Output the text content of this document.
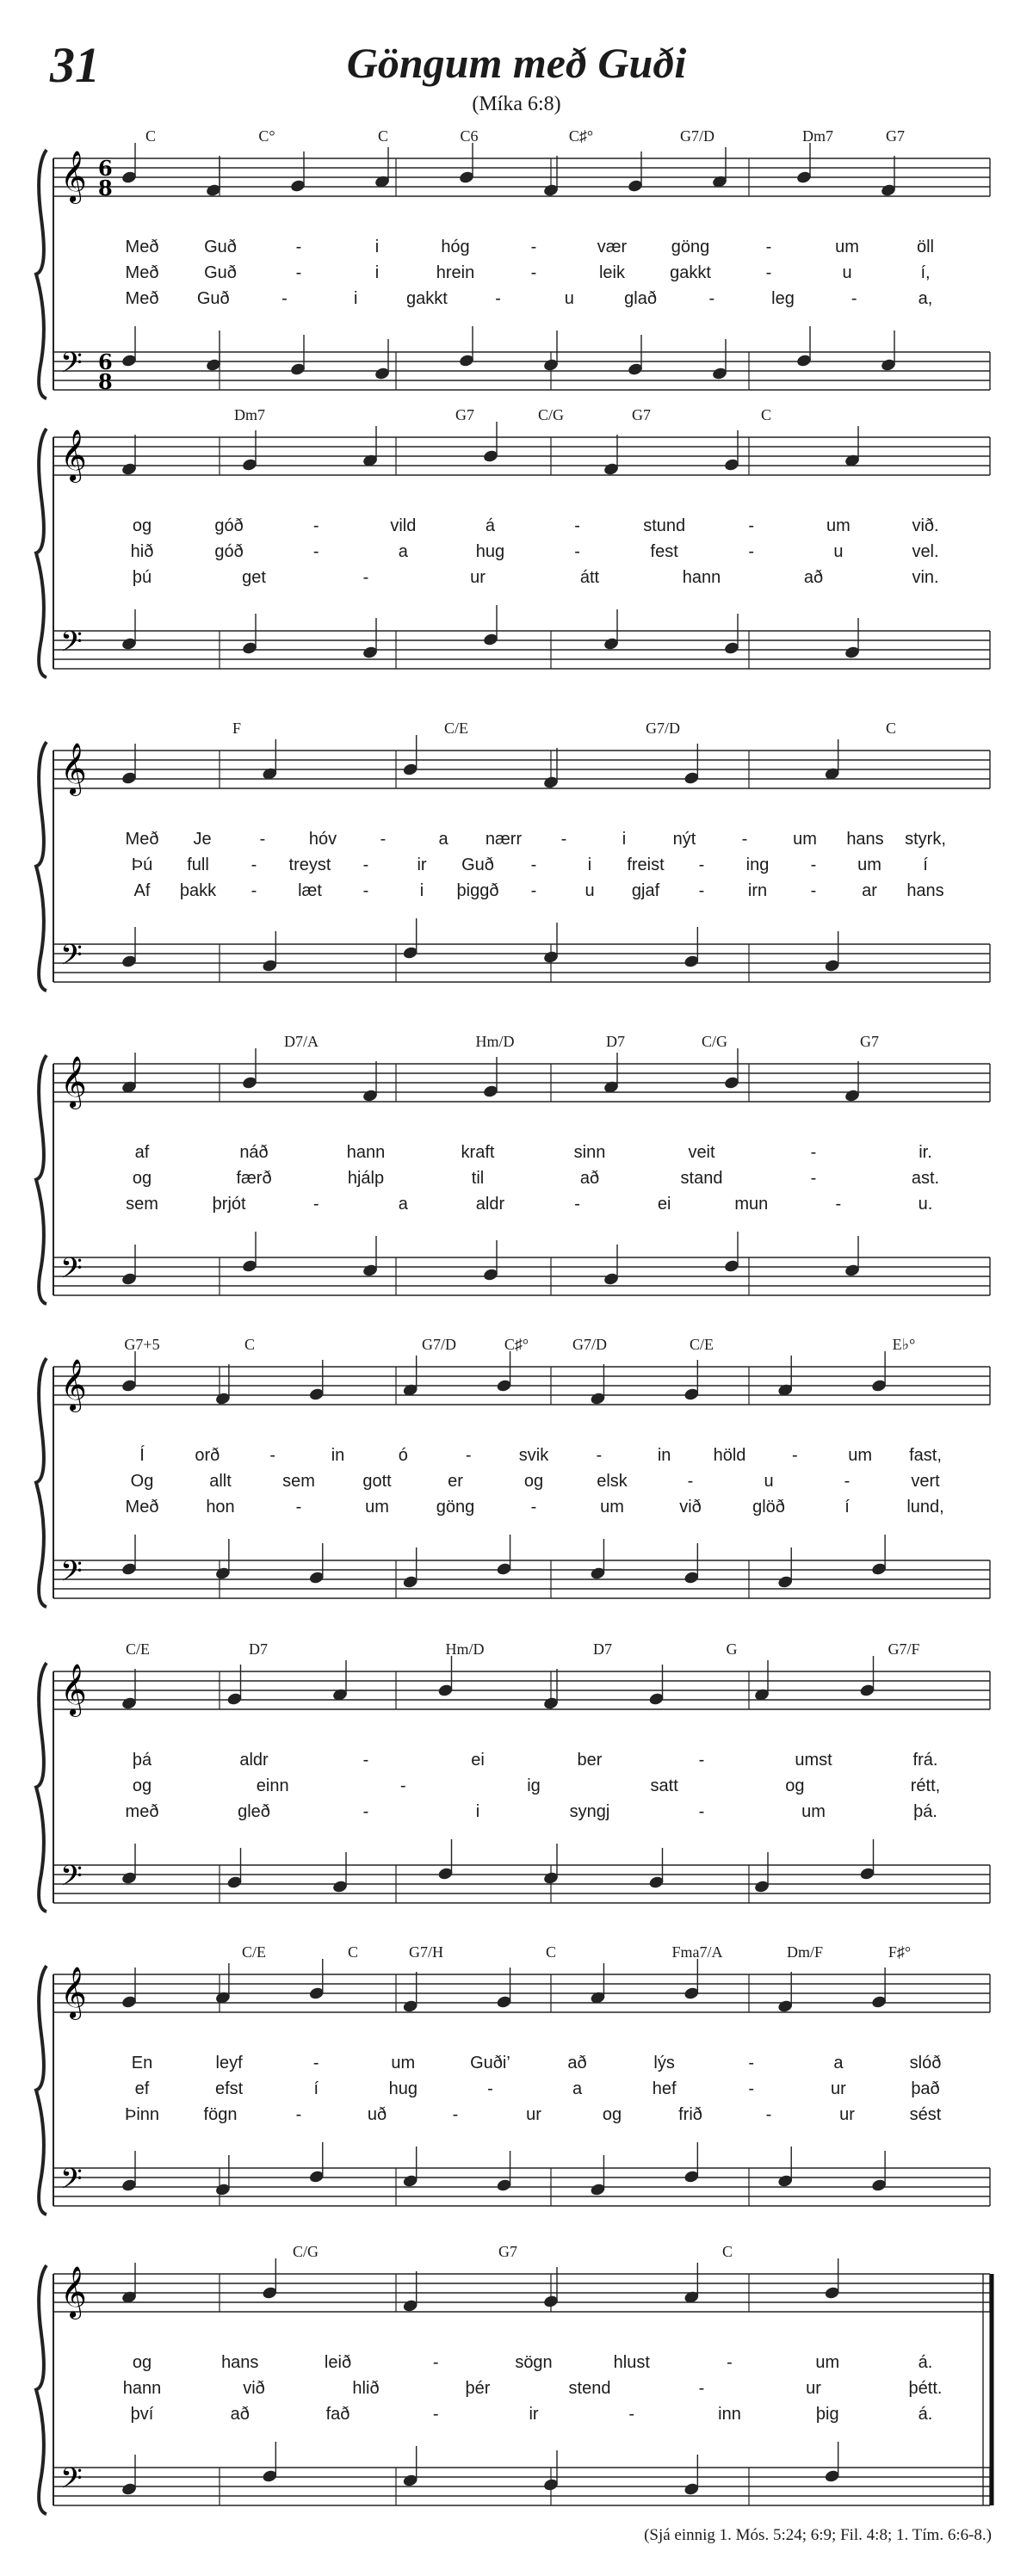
31	Göngum með Guði
(Míka 6:8)
𝄞
𝄢
6
8
6
8
𝄞
𝄢
𝄞
𝄢
𝄞
𝄢
𝄞
𝄢
𝄞
𝄢
𝄞
𝄢
𝄞
𝄢
C	C°	C	C6	C♯°	G7/D	Dm7	G7
Með	Guð	-	i	hóg	-	vær	göng	-	um	öll
Með	Guð	-	i	hrein	-	leik	gakkt	-	u	í,
Með Guð	-	i	gakkt	-	u	glað	-	leg	-	a,
Dm7	G7	C/G	G7	C
og	góð	-	vild	á	-	stund	-	um	við.
hið	góð	-	a	hug	-	fest	-	u	vel.
þú	get	-	ur	átt	hann	að	vin.
F	C/E	G7/D	C
Með Je	-	hóv	-	a nærr -	i	nýt	-	um hans styrk,
Þú full - treyst -	ir Guð -	i freist - ing - um í
Af þakk - læt -	i þiggð -	u gjaf -	irn	-	ar hans
D7/A	Hm/D	D7	C/G	G7
af	náð	hann	kraft	sinn	veit	-	ir.
og	færð	hjálp	til	að	stand	-	ast.
sem	þrjót	-	a	aldr	-	ei	mun	-	u.
G7+5	C	G7/D	C♯°	G7/D	C/E	E♭°
Í	orð	-	in	ó	-	svik	-	in höld	-	um fast,
Og	allt	sem	gott	er	og	elsk	-	u	-	vert
Með	hon	-	um	göng	-	um	við	glöð	í	lund,
C/E	D7	Hm/D	D7	G	G7/F
þá	aldr	-	ei	ber	-	umst	frá.
og	einn	-	ig	satt	og	rétt,
með	gleð	-	i	syngj	-	um	þá.
C/E	C	G7/H	C	Fma7/A	Dm/F	F♯°
En	leyf	-	um	Guði’	að	lýs	-	a	slóð
ef	efst	í	hug	-	a	hef	-	ur	það
Þinn	fögn	-	uð	-	ur	og	frið	-	ur	sést
C/G	G7	C
og	hans	leið	-	sögn	hlust	-	um	á.
hann	við	hlið	þér	stend	-	ur	þétt.
því	að	fað	-	ir	-	inn	þig	á.
(Sjá einnig 1. Mós. 5:24; 6:9; Fil. 4:8; 1. Tím. 6:6-8.)
